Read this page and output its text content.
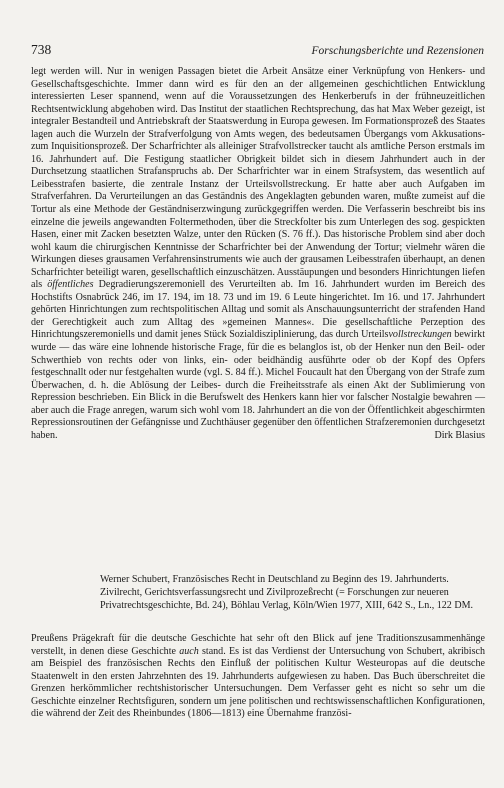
738	Forschungsberichte und Rezensionen

legt werden will. Nur in wenigen Passagen bietet die Arbeit Ansätze einer Verknüpfung von Henkers- und Gesellschaftsgeschichte. Immer dann wird es für den an der allgemeinen geschichtlichen Entwicklung interessierten Leser spannend, wenn auf die Voraussetzungen des Henkerberufs in der frühneuzeitlichen Rechtsentwicklung abgehoben wird. Das Institut der staatlichen Rechtsprechung, das hat Max Weber gezeigt, ist integraler Bestandteil und Antriebskraft der Staatswerdung in Europa gewesen. Im Formationsprozeß des Staates lagen auch die Wurzeln der Strafverfolgung von Amts wegen, des bedeutsamen Übergangs vom Akkusations- zum Inquisitionsprozeß. Der Scharfrichter als alleiniger Strafvollstrecker taucht als amtliche Person erstmals im 16. Jahrhundert auf. Die Festigung staatlicher Obrigkeit bildet sich in diesem Jahrhundert auch in der Durchsetzung staatlichen Strafanspruchs ab. Der Scharfrichter war in einem Strafsystem, das wesentlich auf Leibesstrafen basierte, die zentrale Instanz der Urteilsvollstreckung. Er hatte aber auch Aufgaben im Strafverfahren. Da Verurteilungen an das Geständnis des Angeklagten gebunden waren, mußte zumeist auf die Tortur als eine Methode der Geständniserzwingung zurückgegriffen werden. Die Verfasserin beschreibt bis ins einzelne die jeweils angewandten Foltermethoden, über die Streckfolter bis zum Unterlegen des sog. gespickten Hasen, einer mit Zacken besetzten Walze, unter den Rücken (S. 76 ff.). Das historische Problem sind aber doch wohl kaum die chirurgischen Kenntnisse der Scharfrichter bei der Anwendung der Tortur; vielmehr wären die Wirkungen dieses grausamen Verfahrensinstruments wie auch der grausamen Leibesstrafen überhaupt, an denen Scharfrichter beteiligt waren, gesellschaftlich einzuschätzen. Ausstäupungen und besonders Hinrichtungen liefen als öffentliches Degradierungszeremoniell des Verurteilten ab. Im 16. Jahrhundert wurden im Bereich des Hochstifts Osnabrück 246, im 17. 194, im 18. 73 und im 19. 6 Leute hingerichtet. Im 16. und 17. Jahrhundert gehörten Hinrichtungen zum rechtspolitischen Alltag und somit als Anschauungsunterricht der strafenden Hand der Gerechtigkeit auch zum Alltag des »gemeinen Mannes«. Die gesellschaftliche Perzeption des Hinrichtungszeremoniells und damit jenes Stück Sozialdisziplinierung, das durch Urteilsvollstreckungen bewirkt wurde — das wäre eine lohnende historische Frage, für die es belanglos ist, ob der Henker nun den Beil- oder Schwerthieb von rechts oder von links, ein- oder beidhändig ausführte oder ob der Kopf des Opfers festgeschnallt oder nur festgehalten wurde (vgl. S. 84 ff.). Michel Foucault hat den Übergang von der Strafe zum Überwachen, d. h. die Ablösung der Leibes- durch die Freiheitsstrafe als einen Akt der Sublimierung von Repression beschrieben. Ein Blick in die Berufswelt des Henkers kann hier vor falscher Nostalgie bewahren — aber auch die Frage anregen, warum sich wohl vom 18. Jahrhundert an die von der Öffentlichkeit abgeschirmten Repressionsroutinen der Gefängnisse und Zuchthäuser gegenüber den öffentlichen Strafzeremonien durchgesetzt haben.	Dirk Blasius

Werner Schubert, Französisches Recht in Deutschland zu Beginn des 19. Jahrhunderts. Zivilrecht, Gerichtsverfassungsrecht und Zivilprozeßrecht (= Forschungen zur neueren Privatrechtsgeschichte, Bd. 24), Böhlau Verlag, Köln/Wien 1977, XIII, 642 S., Ln., 122 DM.

Preußens Prägekraft für die deutsche Geschichte hat sehr oft den Blick auf jene Traditionszusammenhänge verstellt, in denen diese Geschichte auch stand. Es ist das Verdienst der Untersuchung von Schubert, akribisch am Beispiel des französischen Rechts den Einfluß der politischen Kultur Westeuropas auf die deutsche Staatenwelt in den ersten Jahrzehnten des 19. Jahrhunderts aufgewiesen zu haben. Das Buch überschreitet die Grenzen herkömmlicher rechtshistorischer Untersuchungen. Dem Verfasser geht es nicht so sehr um die Geschichte einzelner Rechtsfiguren, sondern um jene politischen und rechtswissenschaftlichen Konfigurationen, die während der Zeit des Rheinbundes (1806—1813) eine Übernahme französi-
